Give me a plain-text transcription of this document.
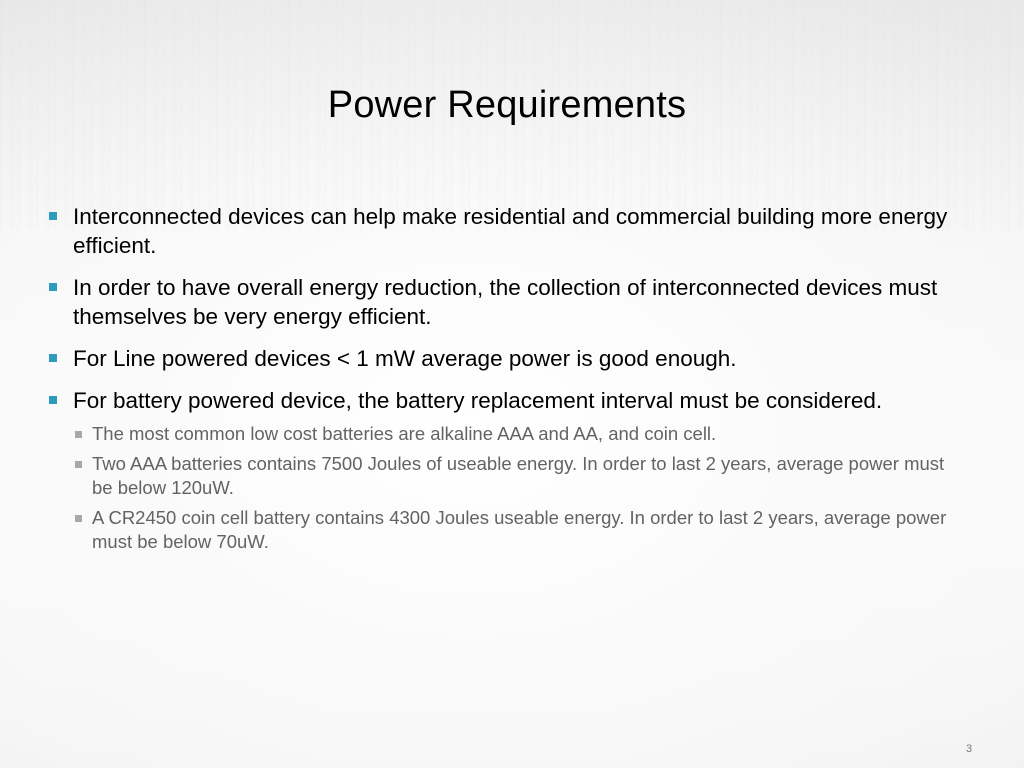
Power Requirements
Interconnected devices can help make residential and commercial building more energy efficient.
In order to have overall energy reduction, the collection of interconnected devices must themselves be very energy efficient.
For Line powered devices < 1 mW average power is good enough.
For battery powered device, the battery replacement interval must be considered.
The most common low cost batteries are alkaline AAA and AA, and coin cell.
Two AAA batteries contains 7500 Joules of useable energy. In order to last 2 years, average power must be below 120uW.
A CR2450 coin cell battery contains 4300 Joules useable energy. In order to last 2 years, average power must be below 70uW.
3
